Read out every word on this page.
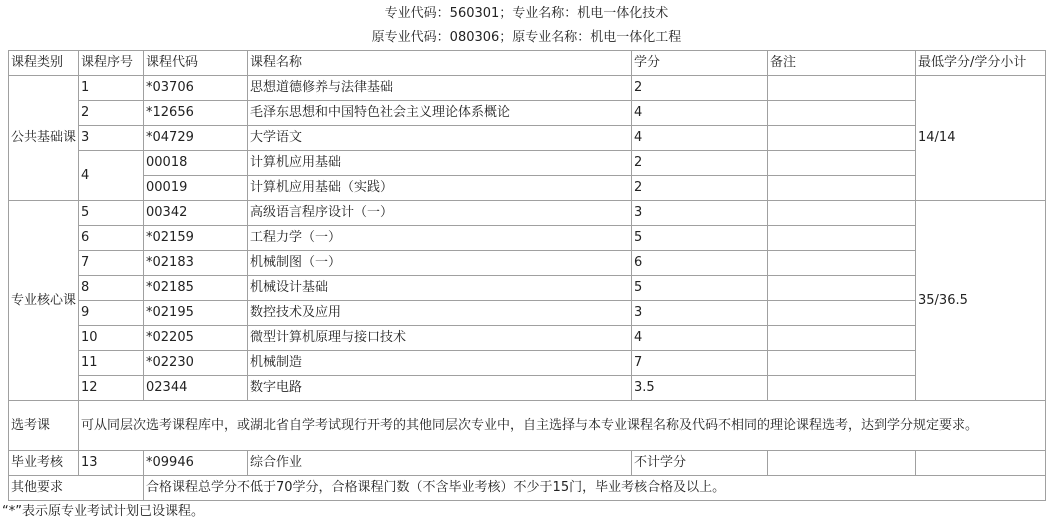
专业代码：560301；专业名称：机电一体化技术
原专业代码：080306；原专业名称：机电一体化工程
课程类别	课程序号	课程代码	课程名称	学分	备注	最低学分/学分小计
公共基础课	1	*03706	思想道德修养与法律基础	2		14/14
	2	*12656	毛泽东思想和中国特色社会主义理论体系概论	4		
	3	*04729	大学语文	4		
	4	00018	计算机应用基础	2		
		00019	计算机应用基础（实践）	2		
专业核心课	5	00342	高级语言程序设计（一）	3		35/36.5
	6	*02159	工程力学（一）	5		
	7	*02183	机械制图（一）	6		
	8	*02185	机械设计基础	5		
	9	*02195	数控技术及应用	3		
	10	*02205	微型计算机原理与接口技术	4		
	11	*02230	机械制造	7		
	12	02344	数字电路	3.5		
选考课	可从同层次选考课程库中，或湖北省自学考试现行开考的其他同层次专业中，自主选择与本专业课程名称及代码不相同的理论课程选考，达到学分规定要求。					
毕业考核	13	*09946	综合作业	不计学分		
其他要求		合格课程总学分不低于70学分，合格课程门数（不含毕业考核）不少于15门，毕业考核合格及以上。				
“*”表示原专业考试计划已设课程。
